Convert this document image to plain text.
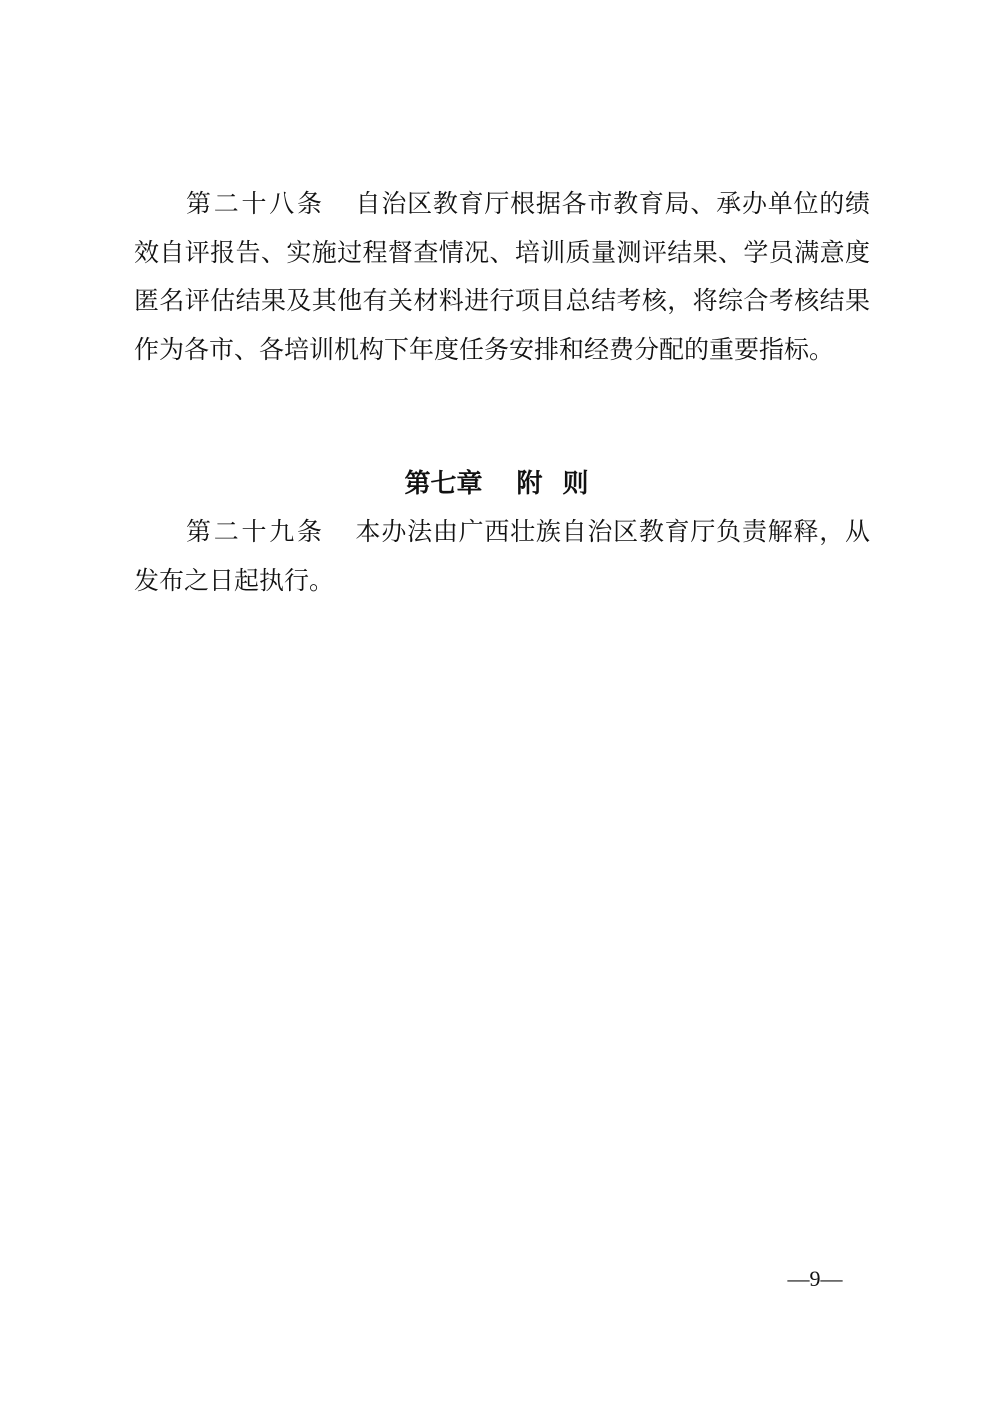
第二十八条 自治区教育厅根据各市教育局、承办单位的绩效自评报告、实施过程督查情况、培训质量测评结果、学员满意度匿名评估结果及其他有关材料进行项目总结考核，将综合考核结果作为各市、各培训机构下年度任务安排和经费分配的重要指标。

第七章 附 则

第二十九条 本办法由广西壮族自治区教育厅负责解释，从发布之日起执行。

—9—
